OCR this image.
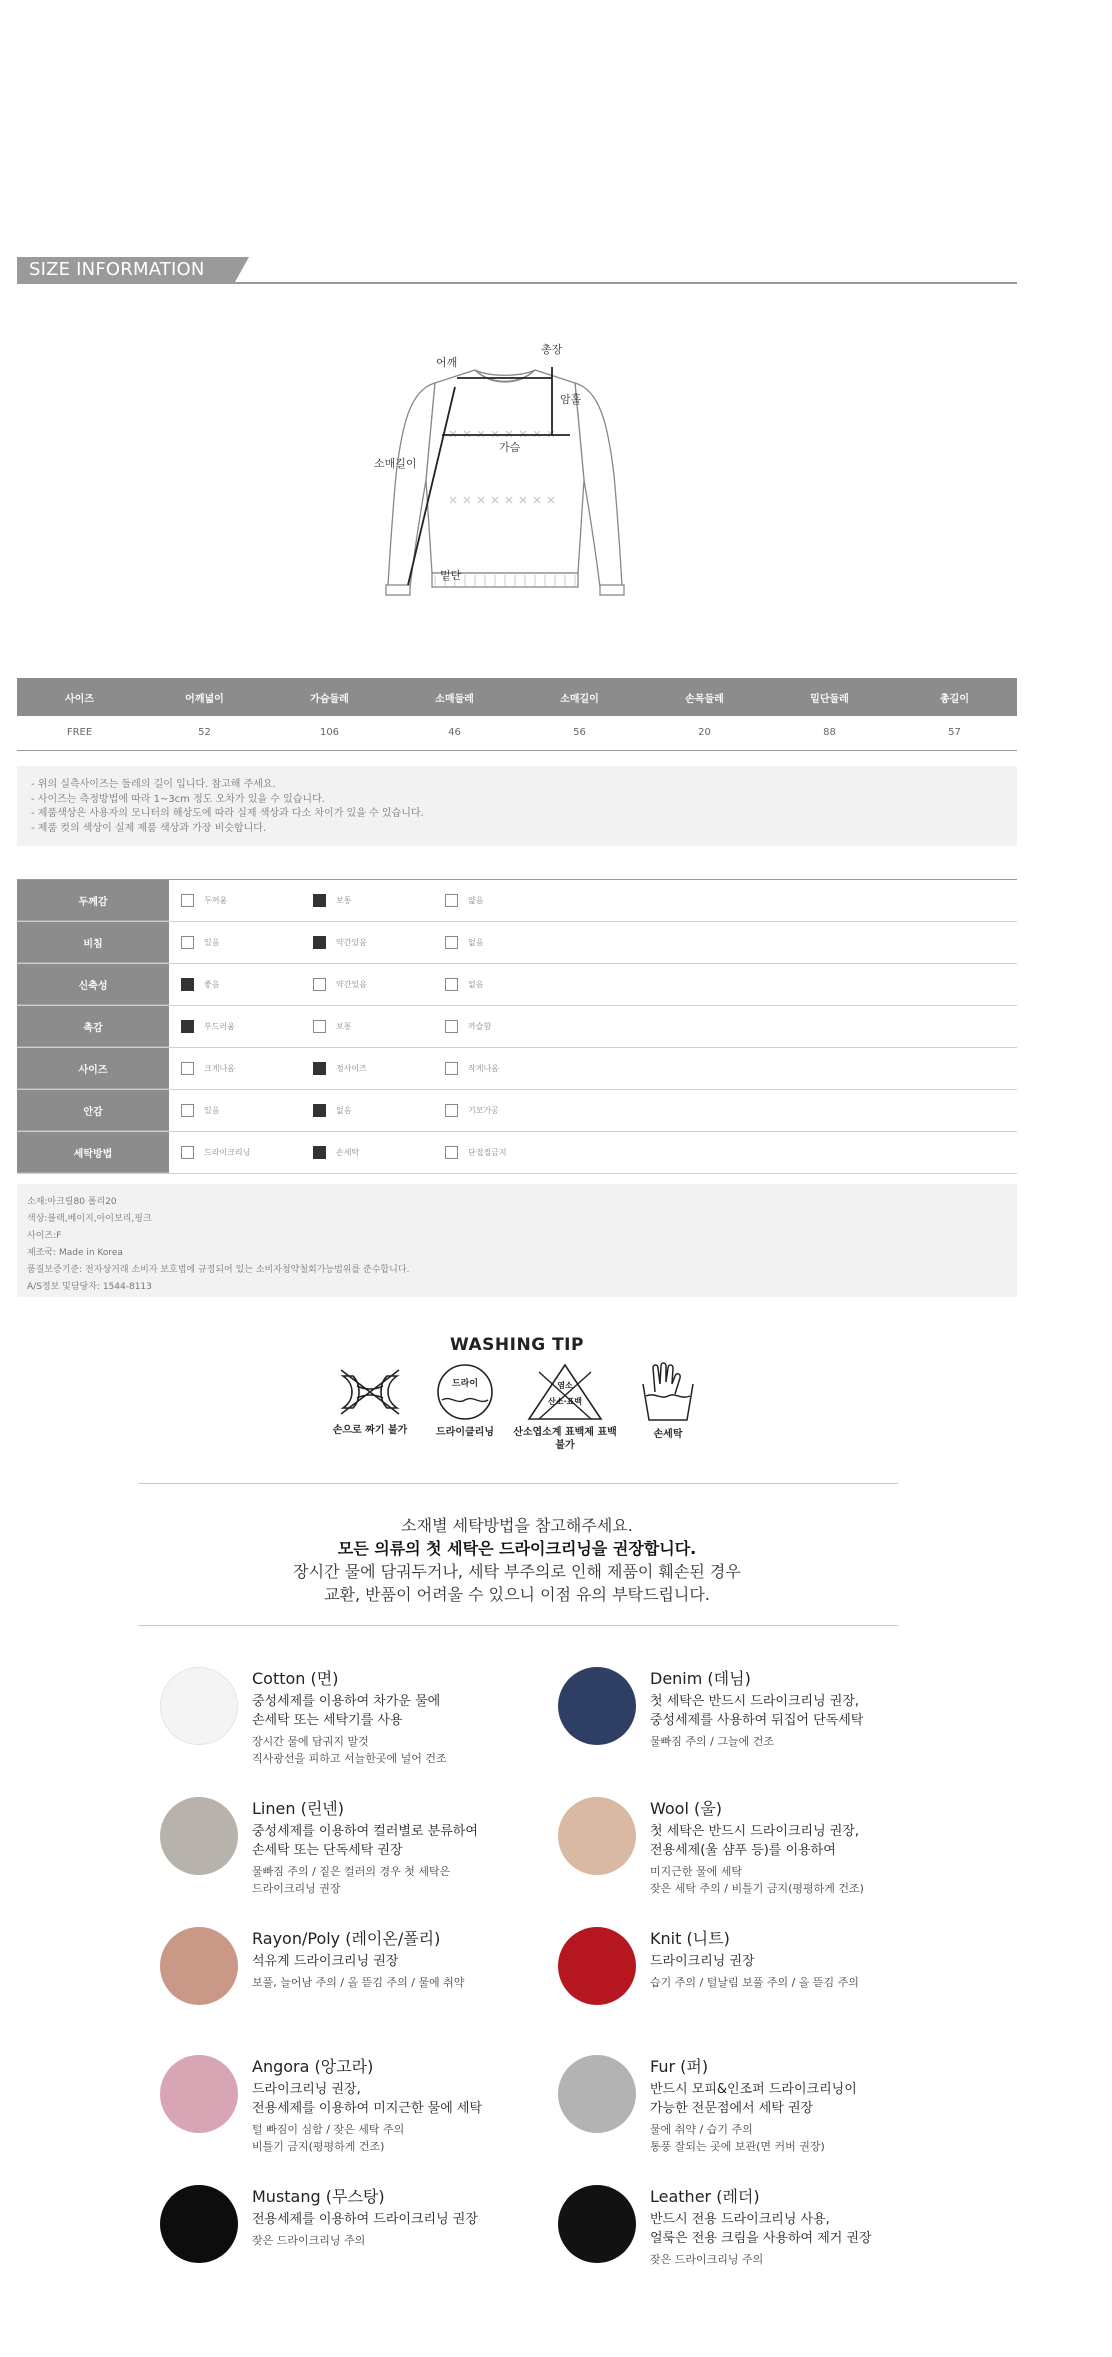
SIZE INFORMATION
총장
어깨
암홀
가슴
소매길이
밑단
사이즈	어깨넓이	가슴둘레	소매둘레	소매길이	손목둘레	밑단둘레	총길이
FREE	52	106	46	56	20	88	57
- 위의 실측사이즈는 둘레의 길이 입니다. 참고해 주세요.
- 사이즈는 측정방법에 따라 1~3cm 정도 오차가 있을 수 있습니다.
- 제품색상은 사용자의 모니터의 해상도에 따라 실제 색상과 다소 차이가 있을 수 있습니다.
- 제품 컷의 색상이 실제 제품 색상과 가장 비슷합니다.
두께감	두꺼움	보통	얇음
비침	있음	약간있음	없음
신축성	좋음	약간있음	없음
촉감	부드러움	보통	까슬함
사이즈	크게나옴	정사이즈	작게나옴
안감	있음	없음	기모가공
세탁방법	드라이크리닝	손세탁	단접절금지
소재:아크릴80 폴리20
색상:블랙,베이지,아이보리,핑크
사이즈:F
제조국: Made in Korea
품질보증기준: 전자상거래 소비자 보호법에 규정되어 있는 소비자청약철회가능범위를 준수합니다.
A/S정보 및담당자: 1544-8113
WASHING TIP
손으로 짜기 불가
드라이
드라이클리닝
염소
산소·표백
산소엽소계 표백제 표백 불가
손세탁
소재별 세탁방법을 참고해주세요.
모든 의류의 첫 세탁은 드라이크리닝을 권장합니다.
장시간 물에 담궈두거나, 세탁 부주의로 인해 제품이 훼손된 경우
교환, 반품이 어려울 수 있으니 이점 유의 부탁드립니다.
Cotton (면)
중성세제를 이용하여 차가운 물에
손세탁 또는 세탁기를 사용
장시간 물에 담궈지 말것
직사광선을 피하고 서늘한곳에 널어 건조
Denim (데님)
첫 세탁은 반드시 드라이크리닝 권장,
중성세제를 사용하여 뒤집어 단독세탁
물빠짐 주의 / 그늘에 건조
Linen (린넨)
중성세제를 이용하여 컬러별로 분류하여
손세탁 또는 단독세탁 권장
물빠짐 주의 / 짙은 컬러의 경우 첫 세탁은
드라이크리닝 권장
Wool (울)
첫 세탁은 반드시 드라이크리닝 권장,
전용세제(울 샴푸 등)를 이용하여
미지근한 물에 세탁
잦은 세탁 주의 / 비틀기 금지(평평하게 건조)
Rayon/Poly (레이온/폴리)
석유계 드라이크리닝 권장
보풀, 늘어남 주의 / 올 뜯김 주의 / 물에 취약
Knit (니트)
드라이크리닝 권장
습기 주의 / 털날림 보풀 주의 / 올 뜯김 주의
Angora (앙고라)
드라이크리닝 권장,
전용세제를 이용하여 미지근한 물에 세탁
털 빠짐이 심함 / 잦은 세탁 주의
비틀기 금지(평평하게 건조)
Fur (퍼)
반드시 모피&인조퍼 드라이크리닝이
가능한 전문점에서 세탁 권장
물에 취약 / 습기 주의
통풍 잘되는 곳에 보관(면 커버 권장)
Mustang (무스탕)
전용세제를 이용하여 드라이크리닝 권장
잦은 드라이크리닝 주의
Leather (레더)
반드시 전용 드라이크리닝 사용,
얼룩은 전용 크림을 사용하여 제거 권장
잦은 드라이크리닝 주의
